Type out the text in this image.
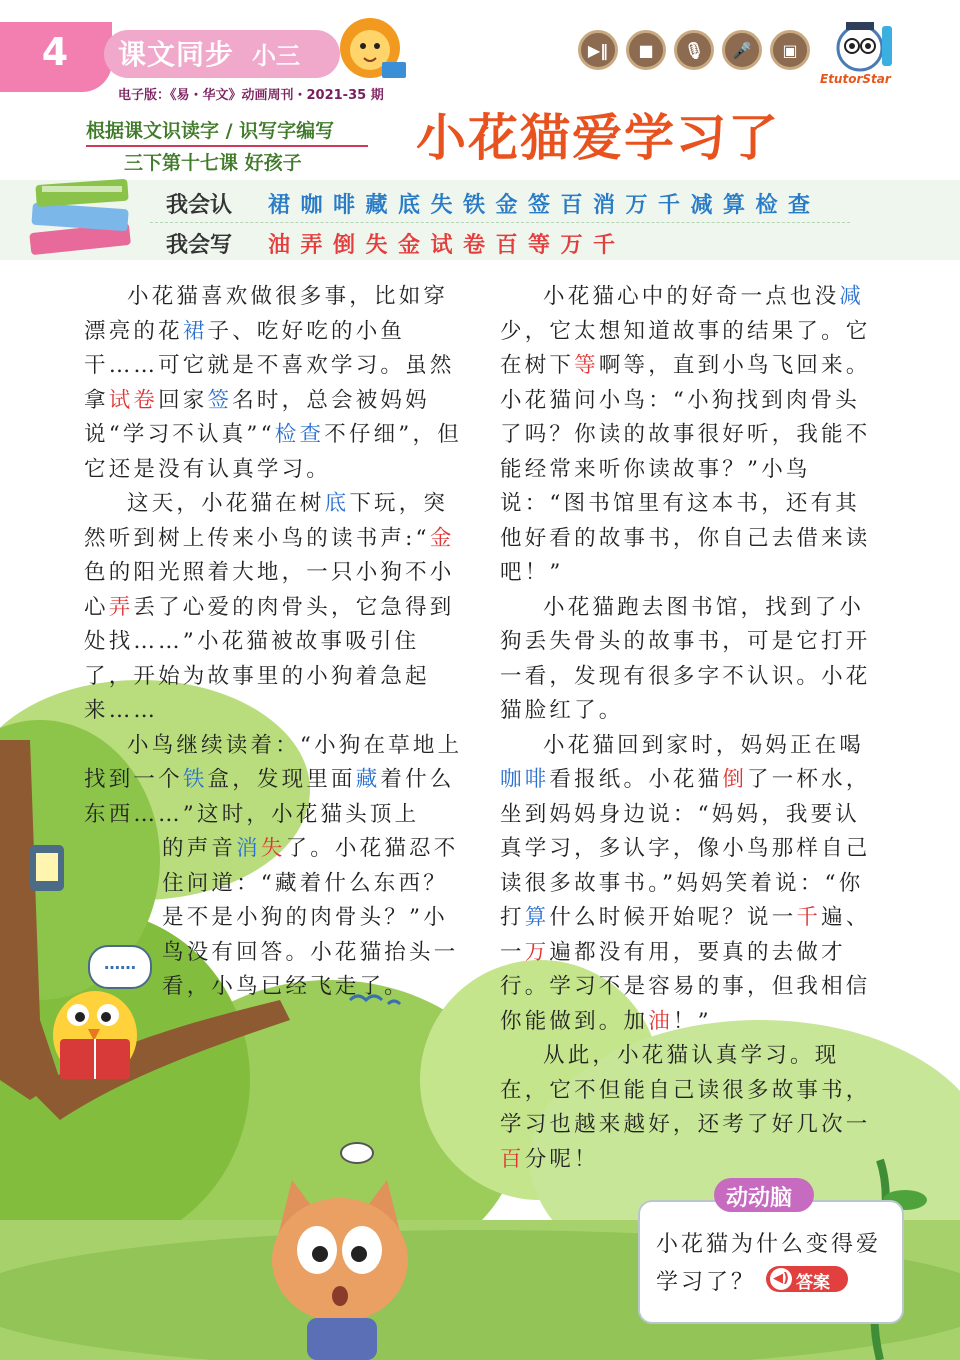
……
4	课文同步 小三
电子版：《易・华文》动画周刊・2021-35 期
▶‖ ■ 🎙 🎤 ▣
EtutorStar
根据课文识读字 / 识写字编写
三下第十七课 好孩子 小花猫爱学习了
我会认 裙咖啡藏底失铁金签百消万千减算检查
我会写 油弄倒失金试卷百等万千
小花猫喜欢做很多事，比如穿漂亮的花裙子、吃好吃的小鱼干……可它就是不喜欢学习。虽然拿试卷回家签名时，总会被妈妈说“学习不认真”“检查不仔细”，但它还是没有认真学习。
这天，小花猫在树底下玩，突然听到树上传来小鸟的读书声:“金色的阳光照着大地，一只小狗不小心弄丢了心爱的肉骨头，它急得到处找……”小花猫被故事吸引住了，开始为故事里的小狗着急起来……
小鸟继续读着：“小狗在草地上找到一个铁盒，发现里面藏着什么东西……”这时，小花猫头顶上
的声音消失了。小花猫忍不住问道：“藏着什么东西？是不是小狗的肉骨头？”小鸟没有回答。小花猫抬头一看，小鸟已经飞走了。
小花猫心中的好奇一点也没减少，它太想知道故事的结果了。它在树下等啊等，直到小鸟飞回来。小花猫问小鸟：“小狗找到肉骨头了吗？你读的故事很好听，我能不能经常来听你读故事？”小鸟说：“图书馆里有这本书，还有其他好看的故事书，你自己去借来读吧！”
小花猫跑去图书馆，找到了小狗丢失骨头的故事书，可是它打开一看，发现有很多字不认识。小花猫脸红了。
小花猫回到家时，妈妈正在喝咖啡看报纸。小花猫倒了一杯水，坐到妈妈身边说：“妈妈，我要认真学习，多认字，像小鸟那样自己读很多故事书。”妈妈笑着说：“你打算什么时候开始呢？说一千遍、一万遍都没有用，要真的去做才行。学习不是容易的事，但我相信你能做到。加油！”
从此，小花猫认真学习。现在，它不但能自己读很多故事书，学习也越来越好，还考了好几次一百分呢！
动动脑
小花猫为什么变得爱学习了？	◀) 答案
